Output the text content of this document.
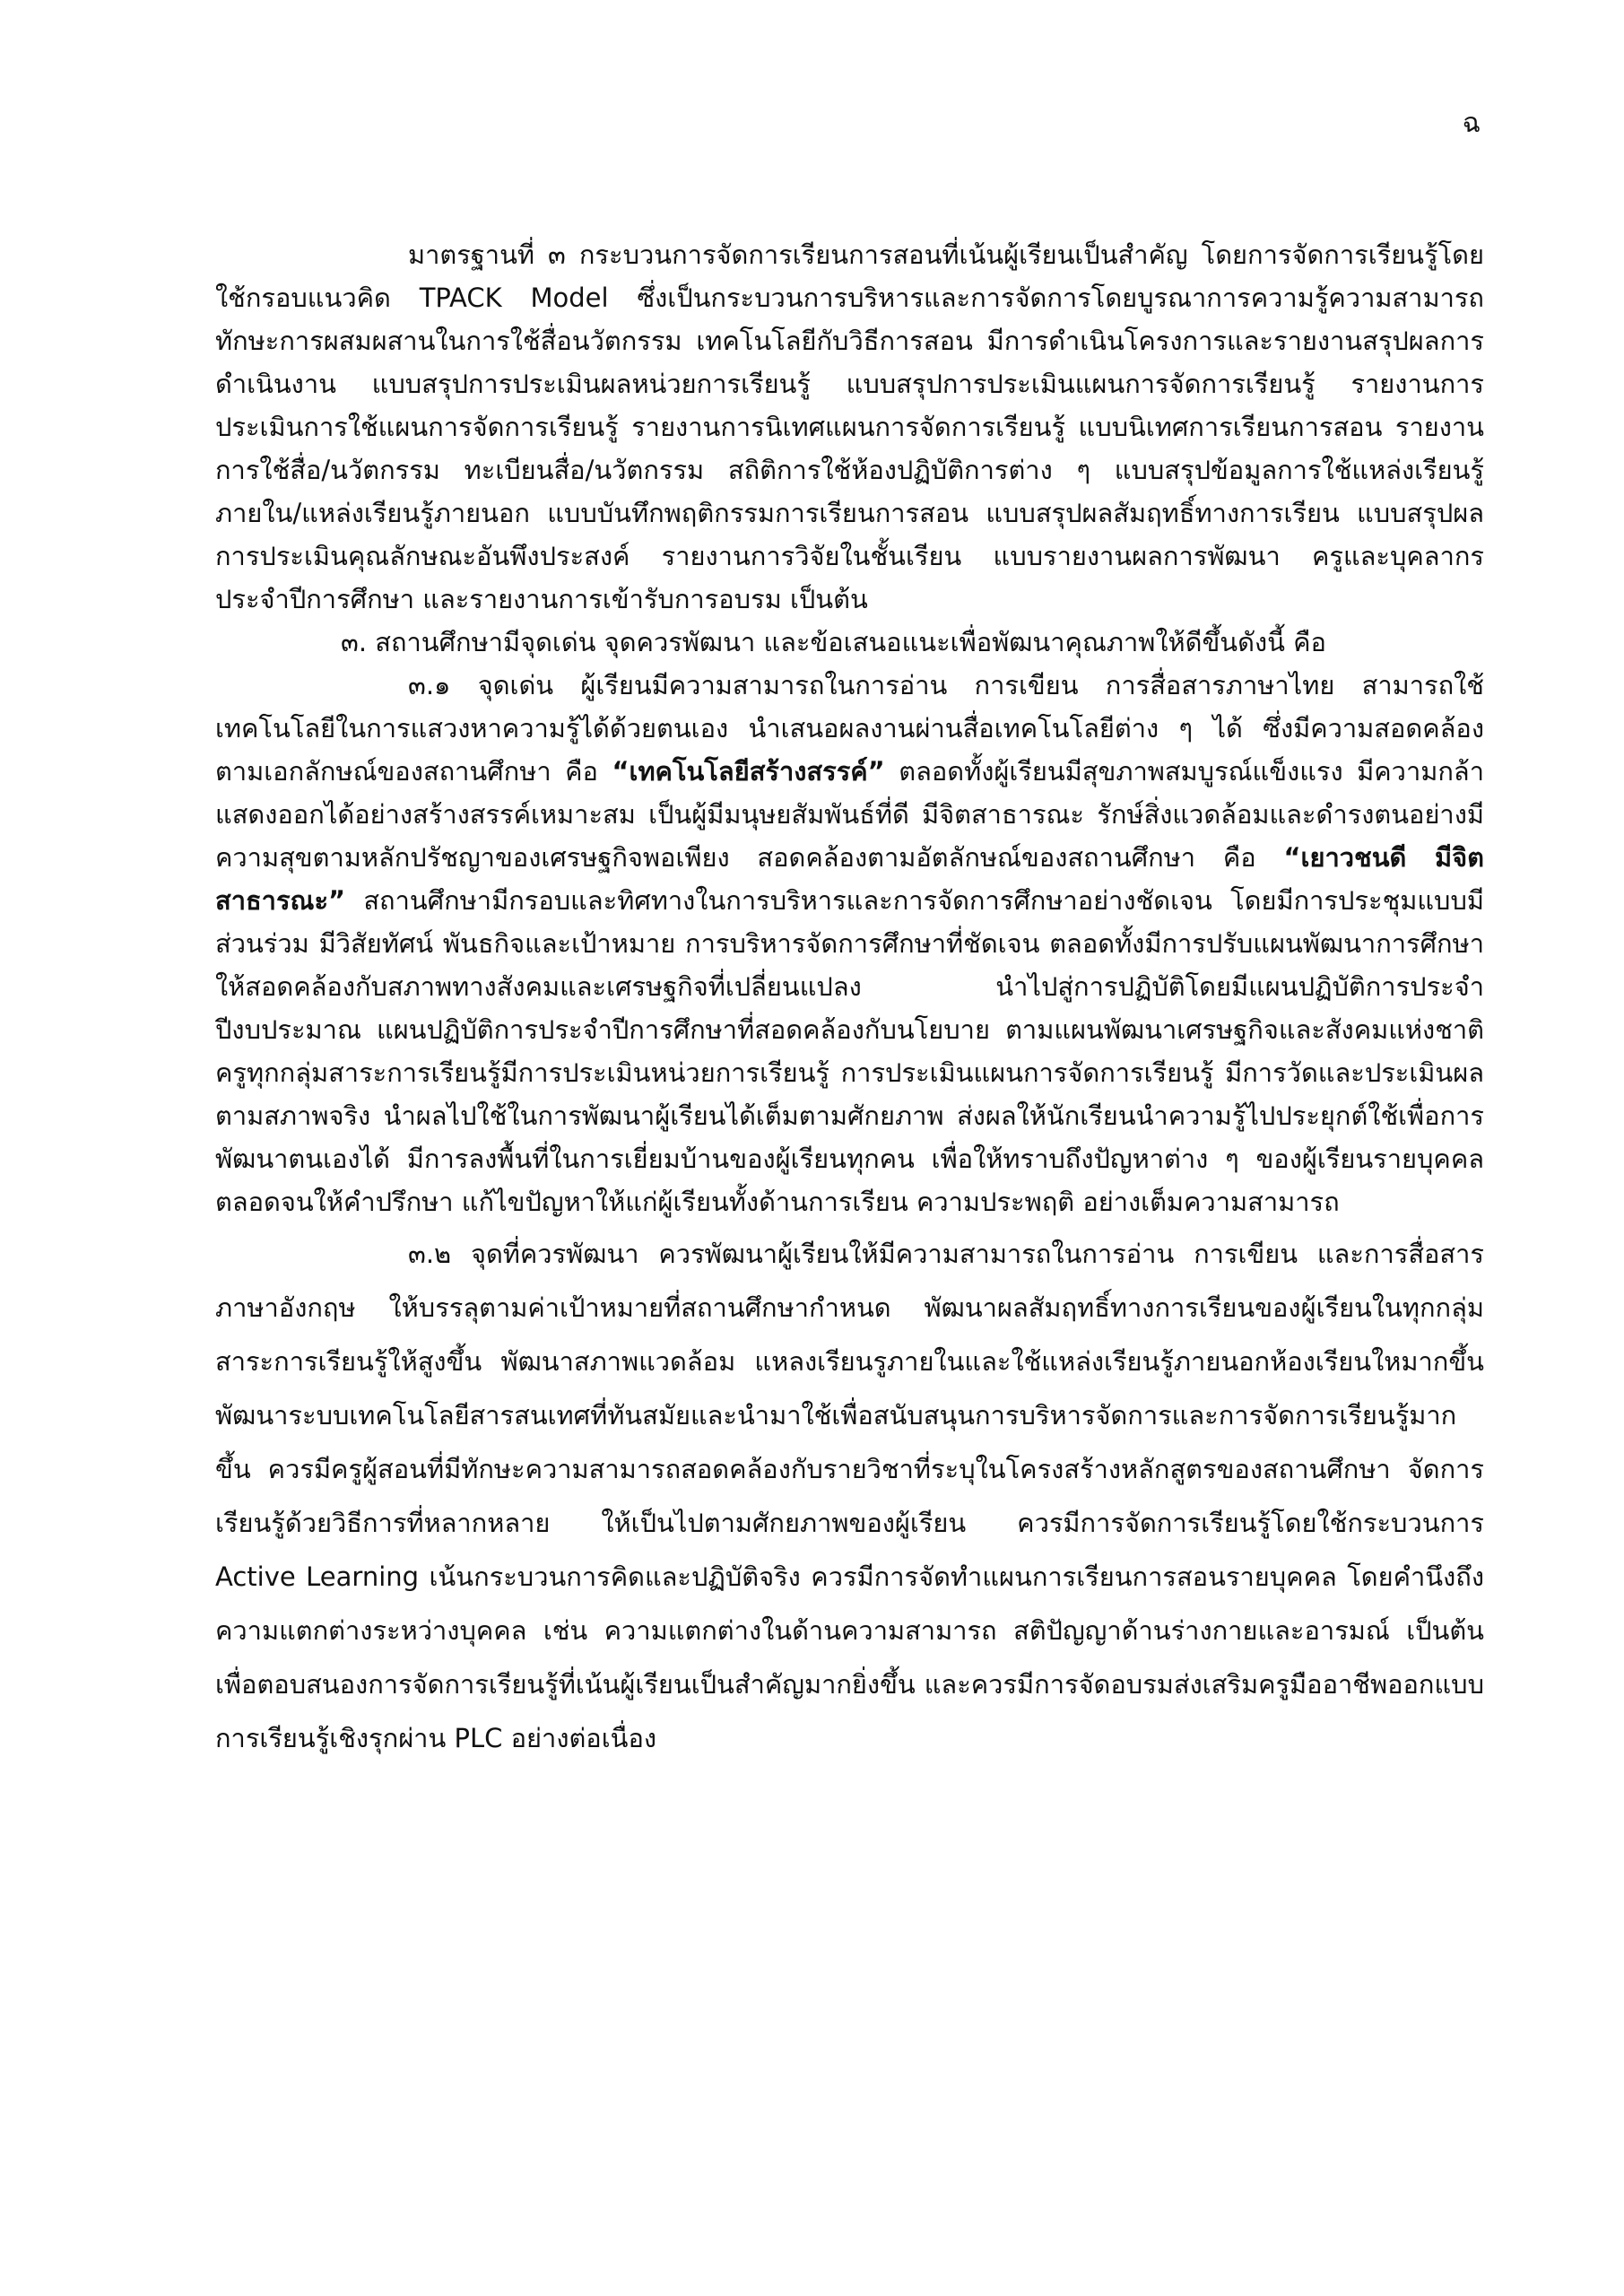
ฉ

มาตรฐานที่ ๓ กระบวนการจัดการเรียนการสอนที่เน้นผู้เรียนเป็นสำคัญ โดยการจัดการเรียนรู้โดยใช้กรอบแนวคิด TPACK Model ซึ่งเป็นกระบวนการบริหารและการจัดการโดยบูรณาการความรู้ความสามารถทักษะการผสมผสานในการใช้สื่อนวัตกรรม เทคโนโลยีกับวิธีการสอน มีการดำเนินโครงการและรายงานสรุปผลการดำเนินงาน แบบสรุปการประเมินผลหน่วยการเรียนรู้ แบบสรุปการประเมินแผนการจัดการเรียนรู้ รายงานการประเมินการใช้แผนการจัดการเรียนรู้ รายงานการนิเทศแผนการจัดการเรียนรู้ แบบนิเทศการเรียนการสอน รายงานการใช้สื่อ/นวัตกรรม ทะเบียนสื่อ/นวัตกรรม สถิติการใช้ห้องปฏิบัติการต่าง ๆ แบบสรุปข้อมูลการใช้แหล่งเรียนรู้ภายใน/แหล่งเรียนรู้ภายนอก แบบบันทึกพฤติกรรมการเรียนการสอน แบบสรุปผลสัมฤทธิ์ทางการเรียน แบบสรุปผลการประเมินคุณลักษณะอันพึงประสงค์ รายงานการวิจัยในชั้นเรียน แบบรายงานผลการพัฒนา ครูและบุคลากรประจำปีการศึกษา และรายงานการเข้ารับการอบรม เป็นต้น

๓. สถานศึกษามีจุดเด่น จุดควรพัฒนา และข้อเสนอแนะเพื่อพัฒนาคุณภาพให้ดีขึ้นดังนี้ คือ

๓.๑ จุดเด่น ผู้เรียนมีความสามารถในการอ่าน การเขียน การสื่อสารภาษาไทย สามารถใช้เทคโนโลยีในการแสวงหาความรู้ได้ด้วยตนเอง นำเสนอผลงานผ่านสื่อเทคโนโลยีต่าง ๆ ได้ ซึ่งมีความสอดคล้องตามเอกลักษณ์ของสถานศึกษา คือ “เทคโนโลยีสร้างสรรค์” ตลอดทั้งผู้เรียนมีสุขภาพสมบูรณ์แข็งแรง มีความกล้าแสดงออกได้อย่างสร้างสรรค์เหมาะสม เป็นผู้มีมนุษยสัมพันธ์ที่ดี มีจิตสาธารณะ รักษ์สิ่งแวดล้อมและดำรงตนอย่างมีความสุขตามหลักปรัชญาของเศรษฐกิจพอเพียง สอดคล้องตามอัตลักษณ์ของสถานศึกษา คือ “เยาวชนดี มีจิตสาธารณะ” สถานศึกษามีกรอบและทิศทางในการบริหารและการจัดการศึกษาอย่างชัดเจน โดยมีการประชุมแบบมีส่วนร่วม มีวิสัยทัศน์ พันธกิจและเป้าหมาย การบริหารจัดการศึกษาที่ชัดเจน ตลอดทั้งมีการปรับแผนพัฒนาการศึกษาให้สอดคล้องกับสภาพทางสังคมและเศรษฐกิจที่เปลี่ยนแปลง นำไปสู่การปฏิบัติโดยมีแผนปฏิบัติการประจำปีงบประมาณ แผนปฏิบัติการประจำปีการศึกษาที่สอดคล้องกับนโยบาย ตามแผนพัฒนาเศรษฐกิจและสังคมแห่งชาติ ครูทุกกลุ่มสาระการเรียนรู้มีการประเมินหน่วยการเรียนรู้ การประเมินแผนการจัดการเรียนรู้ มีการวัดและประเมินผลตามสภาพจริง นำผลไปใช้ในการพัฒนาผู้เรียนได้เต็มตามศักยภาพ ส่งผลให้นักเรียนนำความรู้ไปประยุกต์ใช้เพื่อการพัฒนาตนเองได้ มีการลงพื้นที่ในการเยี่ยมบ้านของผู้เรียนทุกคน เพื่อให้ทราบถึงปัญหาต่าง ๆ ของผู้เรียนรายบุคคล ตลอดจนให้คำปรึกษา แก้ไขปัญหาให้แก่ผู้เรียนทั้งด้านการเรียน ความประพฤติ อย่างเต็มความสามารถ

๓.๒ จุดที่ควรพัฒนา ควรพัฒนาผู้เรียนให้มีความสามารถในการอ่าน การเขียน และการสื่อสารภาษาอังกฤษ ให้บรรลุตามค่าเป้าหมายที่สถานศึกษากำหนด พัฒนาผลสัมฤทธิ์ทางการเรียนของผู้เรียนในทุกกลุ่มสาระการเรียนรู้ให้สูงขึ้น พัฒนาสภาพแวดล้อม แหลงเรียนรูภายในและใช้แหล่งเรียนรู้ภายนอกห้องเรียนใหมากขึ้น พัฒนาระบบเทคโนโลยีสารสนเทศที่ทันสมัยและนำมาใช้เพื่อสนับสนุนการบริหารจัดการและการจัดการเรียนรู้มากขึ้น ควรมีครูผู้สอนที่มีทักษะความสามารถสอดคล้องกับรายวิชาที่ระบุในโครงสร้างหลักสูตรของสถานศึกษา จัดการเรียนรู้ด้วยวิธีการที่หลากหลาย ให้เป็นไปตามศักยภาพของผู้เรียน ควรมีการจัดการเรียนรู้โดยใช้กระบวนการ Active Learning เน้นกระบวนการคิดและปฏิบัติจริง ควรมีการจัดทำแผนการเรียนการสอนรายบุคคล โดยคำนึงถึงความแตกต่างระหว่างบุคคล เช่น ความแตกต่างในด้านความสามารถ สติปัญญาด้านร่างกายและอารมณ์ เป็นต้น เพื่อตอบสนองการจัดการเรียนรู้ที่เน้นผู้เรียนเป็นสำคัญมากยิ่งขึ้น และควรมีการจัดอบรมส่งเสริมครูมืออาชีพออกแบบการเรียนรู้เชิงรุกผ่าน PLC อย่างต่อเนื่อง
